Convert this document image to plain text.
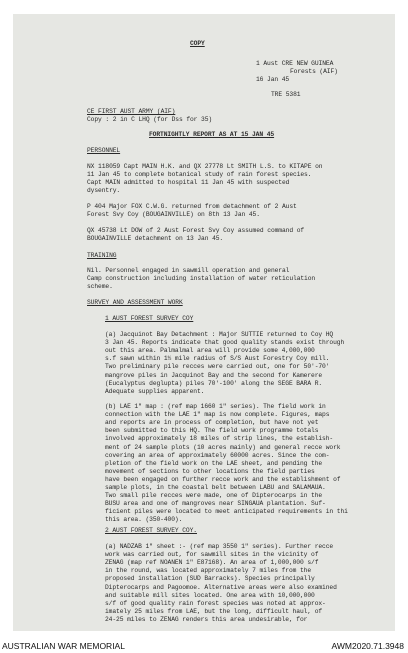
COPY
1 Aust CRE NEW GUINEA
Forests (AIF)
16 Jan 45
TRE 5381
CE FIRST AUST ARMY (AIF)
Copy : 2 in C LHQ (for Dss for 35)
FORTNIGHTLY REPORT AS AT 15 JAN 45
PERSONNEL
TRAINING
SURVEY AND ASSESSMENT WORK
1 AUST FOREST SURVEY COY
2 AUST FOREST SURVEY COY.
NX 118059 Capt MAIN H.K. and QX 27778 Lt SMITH L.S. to KITAPE on
11 Jan 45 to complete botanical study of rain forest species.
Capt MAIN admitted to hospital 11 Jan 45 with suspected
dysentry.
P 404 Major FOX C.W.G. returned from detachment of 2 Aust
Forest Svy Coy (BOUGAINVILLE) on 8th 13 Jan 45.
QX 45738 Lt DOW of 2 Aust Forest Svy Coy assumed command of
BOUGAINVILLE detachment on 13 Jan 45.
Nil. Personnel engaged in sawmill operation and general
Camp construction including installation of water reticulation
scheme.
(a) Jacquinot Bay Detachment : Major SUTTIE returned to Coy HQ
3 Jan 45. Reports indicate that good quality stands exist through
out this area. Palmalmal area will provide some 4,000,000
s.f sawn within 1½ mile radius of S/S Aust Forestry Coy mill.
Two preliminary pile recces were carried out, one for 50'-70'
mangrove piles in Jacquinot Bay and the second for Kamerere
(Eucalyptus deglupta) piles 70'-100' along the SEGE BARA R.
Adequate supplies apparent.
(b) LAE 1" map : (ref map 1660 1" series). The field work in
connection with the LAE 1" map is now complete. Figures, maps
and reports are in process of completion, but have not yet
been submitted to this HQ. The field work programme totals
involved approximately 18 miles of strip lines, the establish-
ment of 24 sample plots (10 acres mainly) and general recce work
covering an area of approximately 60000 acres. Since the com-
pletion of the field work on the LAE sheet, and pending the
movement of sections to other locations the field parties
have been engaged on further recce work and the establishment of
sample plots, in the coastal belt between LABU and SALAMAUA.
Two small pile recces were made, one of Dipterocarps in the
BUSU area and one of mangroves near SINGAUA plantation. Suf-
ficient piles were located to meet anticipated requirements in thi
this area. (350-400).
(a) NADZAB 1" sheet :- (ref map 3550 1" series). Further recce
work was carried out, for sawmill sites in the vicinity of
ZENAG (map ref NOANEN 1" E87168). An area of 1,000,000 s/f
in the round, was located approximately 7 miles from the
proposed installation (SUD Barracks). Species principally
Dipterocarps and Pagoomoe. Alternative areas were also examined
and suitable mill sites located. One area with 10,000,000
s/f of good quality rain forest species was noted at approx-
imately 25 miles from LAE, but the long, difficult haul, of
24-25 miles to ZENAG renders this area undesirable, for
AUSTRALIAN WAR MEMORIAL	AWM2020.71.3948
